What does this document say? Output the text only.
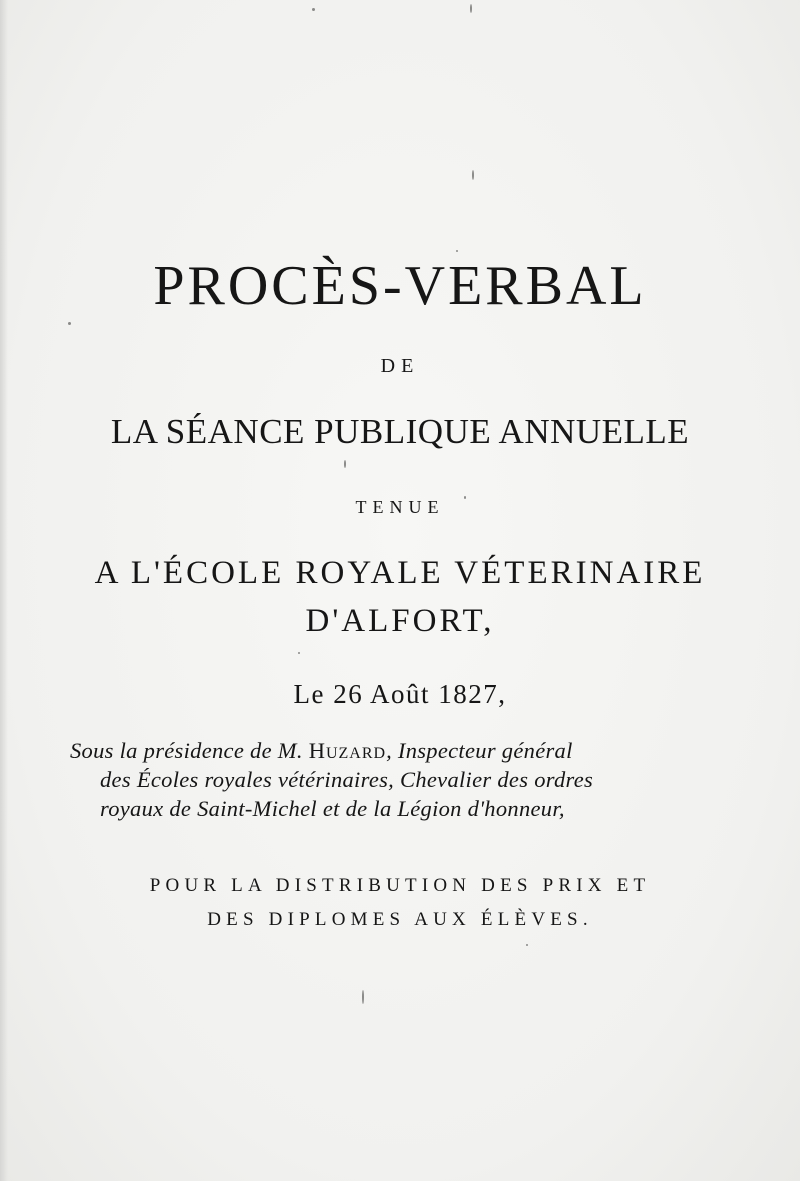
PROCÈS-VERBAL
DE
LA SÉANCE PUBLIQUE ANNUELLE
TENUE
A L'ÉCOLE ROYALE VÉTERINAIRE
D'ALFORT,
Le 26 Août 1827,
Sous la présidence de M. Huzard, Inspecteur général
des Écoles royales vétérinaires, Chevalier des ordres
royaux de Saint-Michel et de la Légion d'honneur,
POUR LA DISTRIBUTION DES PRIX ET
DES DIPLOMES AUX ÉLÈVES.
